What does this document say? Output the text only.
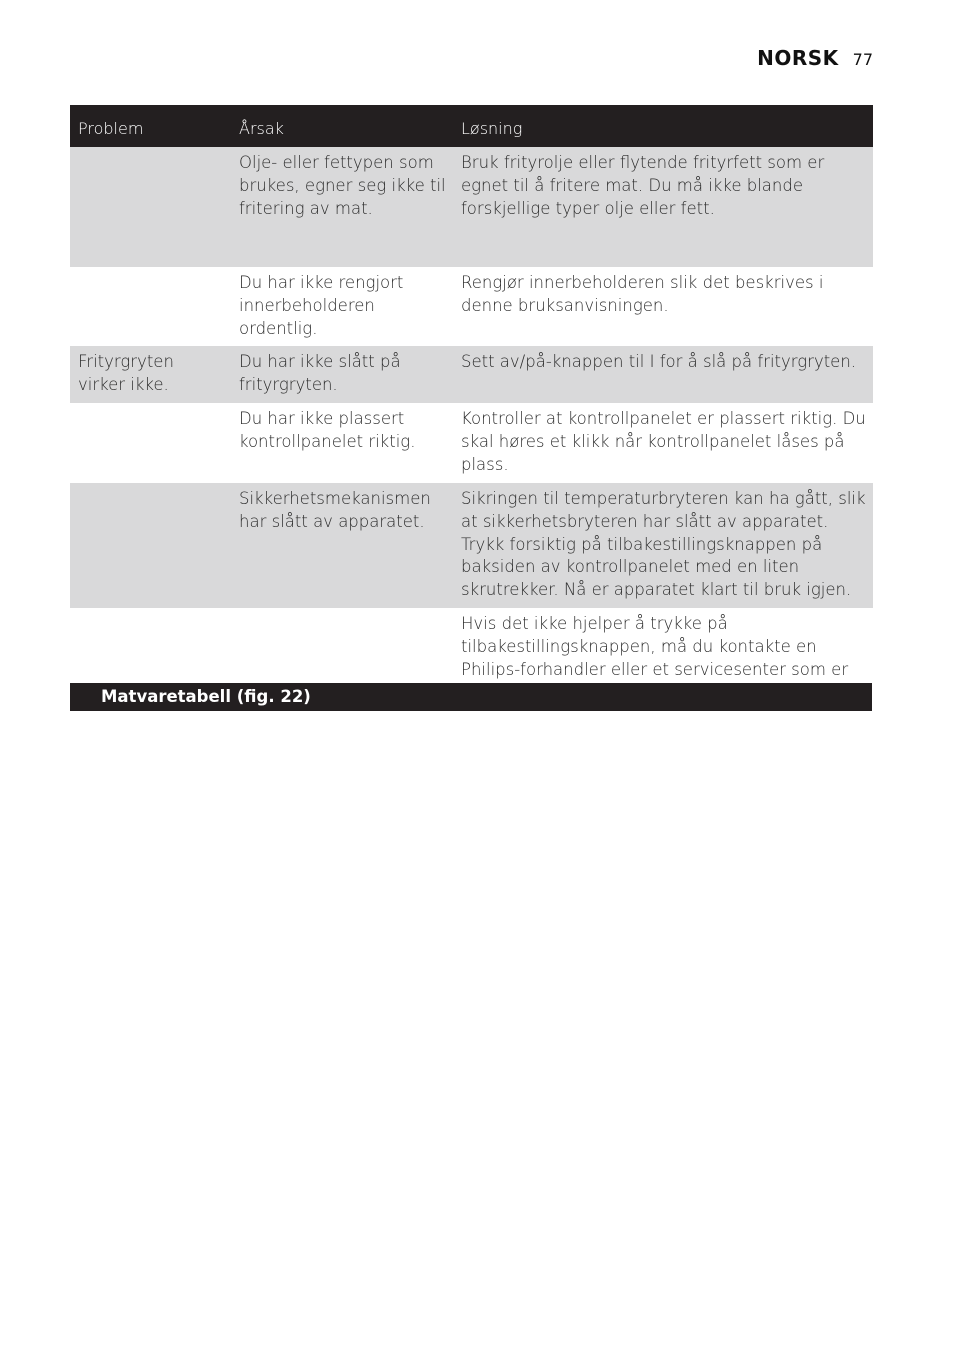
NORSK 77
Problem	Årsak	Løsning
Olje- eller fettypen som brukes, egner seg ikke til fritering av mat.
Bruk frityrolje eller flytende frityrfett som er egnet til å fritere mat. Du må ikke blande forskjellige typer olje eller fett.
Du har ikke rengjort innerbeholderen ordentlig.
Rengjør innerbeholderen slik det beskrives i denne bruksanvisningen.
Frityrgryten virker ikke.
Du har ikke slått på frityrgryten.
Sett av/på-knappen til I for å slå på frityrgryten.
Du har ikke plassert kontrollpanelet riktig.
Kontroller at kontrollpanelet er plassert riktig. Du skal høres et klikk når kontrollpanelet låses på plass.
Sikkerhetsmekanismen har slått av apparatet.
Sikringen til temperaturbryteren kan ha gått, slik at sikkerhetsbryteren har slått av apparatet. Trykk forsiktig på tilbakestillingsknappen på baksiden av kontrollpanelet med en liten skrutrekker. Nå er apparatet klart til bruk igjen.
Hvis det ikke hjelper å trykke på tilbakestillingsknappen, må du kontakte en Philips-forhandler eller et servicesenter som er
Matvaretabell (fig. 22)
